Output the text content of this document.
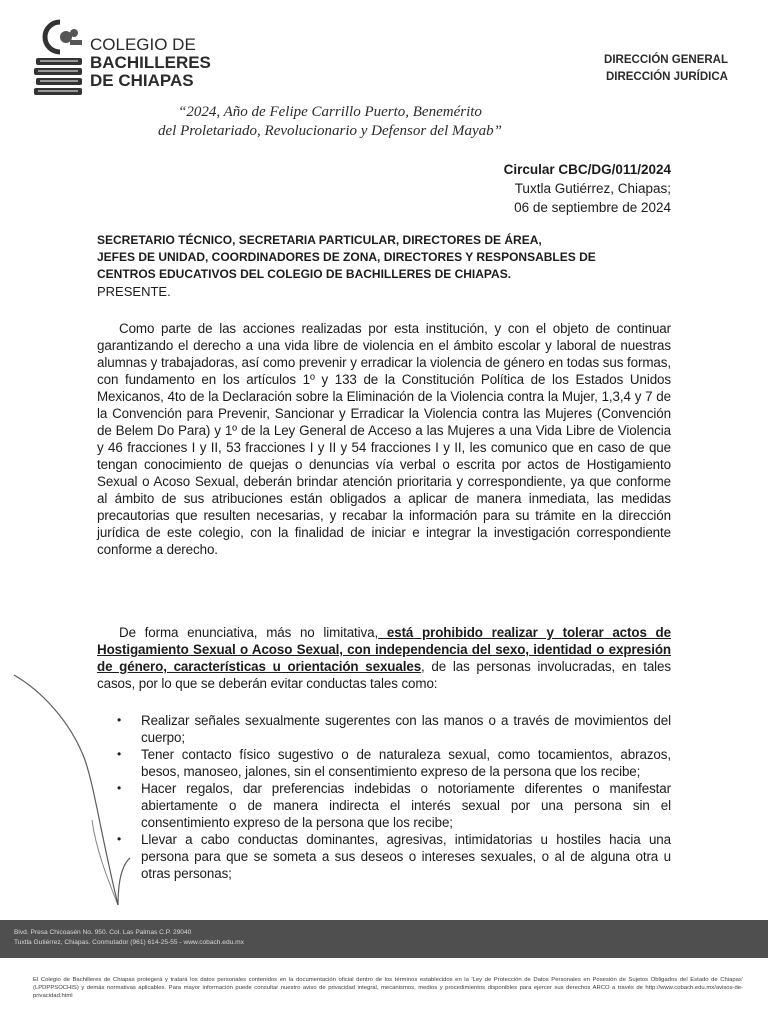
COLEGIO DE
BACHILLERES
DE CHIAPAS
DIRECCIÓN GENERAL
DIRECCIÓN JURÍDICA
“2024, Año de Felipe Carrillo Puerto, Benemérito
del Proletariado, Revolucionario y Defensor del Mayab”
Circular CBC/DG/011/2024
Tuxtla Gutiérrez, Chiapas;
06 de septiembre de 2024
SECRETARIO TÉCNICO, SECRETARIA PARTICULAR, DIRECTORES DE ÁREA,
JEFES DE UNIDAD, COORDINADORES DE ZONA, DIRECTORES Y RESPONSABLES DE
CENTROS EDUCATIVOS DEL COLEGIO DE BACHILLERES DE CHIAPAS.
PRESENTE.
Como parte de las acciones realizadas por esta institución, y con el objeto de continuar garantizando el derecho a una vida libre de violencia en el ámbito escolar y laboral de nuestras alumnas y trabajadoras, así como prevenir y erradicar la violencia de género en todas sus formas, con fundamento en los artículos 1º y 133 de la Constitución Política de los Estados Unidos Mexicanos, 4to de la Declaración sobre la Eliminación de la Violencia contra la Mujer, 1,3,4 y 7 de la Convención para Prevenir, Sancionar y Erradicar la Violencia contra las Mujeres (Convención de Belem Do Para) y 1º de la Ley General de Acceso a las Mujeres a una Vida Libre de Violencia y 46 fracciones I y II, 53 fracciones I y II y 54 fracciones I y II, les comunico que en caso de que tengan conocimiento de quejas o denuncias vía verbal o escrita por actos de Hostigamiento Sexual o Acoso Sexual, deberán brindar atención prioritaria y correspondiente, ya que conforme al ámbito de sus atribuciones están obligados a aplicar de manera inmediata, las medidas precautorias que resulten necesarias, y recabar la información para su trámite en la dirección jurídica de este colegio, con la finalidad de iniciar e integrar la investigación correspondiente conforme a derecho.
De forma enunciativa, más no limitativa, está prohibido realizar y tolerar actos de Hostigamiento Sexual o Acoso Sexual, con independencia del sexo, identidad o expresión de género, características u orientación sexuales, de las personas involucradas, en tales casos, por lo que se deberán evitar conductas tales como:
• Realizar señales sexualmente sugerentes con las manos o a través de movimientos del cuerpo;
• Tener contacto físico sugestivo o de naturaleza sexual, como tocamientos, abrazos, besos, manoseo, jalones, sin el consentimiento expreso de la persona que los recibe;
• Hacer regalos, dar preferencias indebidas o notoriamente diferentes o manifestar abiertamente o de manera indirecta el interés sexual por una persona sin el consentimiento expreso de la persona que los recibe;
• Llevar a cabo conductas dominantes, agresivas, intimidatorias u hostiles hacia una persona para que se someta a sus deseos o intereses sexuales, o al de alguna otra u otras personas;
Blvd. Presa Chicoasén No. 950. Col. Las Palmas C.P. 29040
Tuxtla Gutiérrez, Chiapas. Conmutador (961) 614-25-55 - www.cobach.edu.mx
El Colegio de Bachilleres de Chiapas protegerá y tratará los datos personales contenidos en la documentación oficial dentro de los términos establecidos en la 'Ley de Protección de Datos Personales en Posesión de Sujetos Obligados del Estado de Chiapas' (LPDPPSOCHIS) y demás normativas aplicables. Para mayor información puede consultar nuestro aviso de privacidad integral, mecanismos, medios y procedimientos disponibles para ejercer sus derechos ARCO a través de http://www.cobach.edu.mx/avisos-de-privacidad.html
